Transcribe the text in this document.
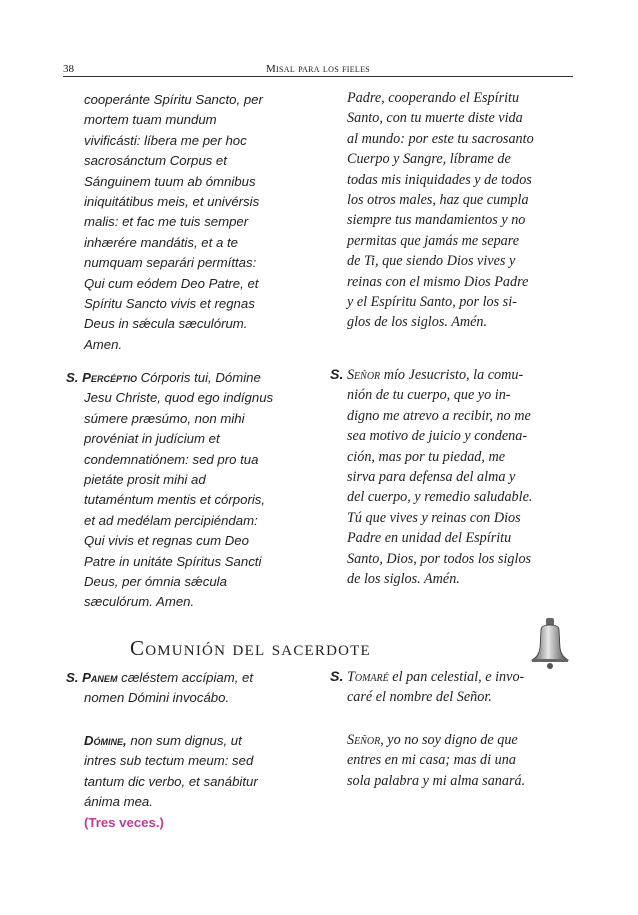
38	Misal para los fieles
cooperánte Spíritu Sancto, per
mortem tuam mundum
vivificásti: líbera me per hoc
sacrosánctum Corpus et
Sánguinem tuum ab ómnibus
iniquitátibus meis, et univérsis
malis: et fac me tuis semper
inhærére mandátis, et a te
numquam separári permíttas:
Qui cum eódem Deo Patre, et
Spíritu Sancto vivis et regnas
Deus in sǽcula sæculórum.
Amen.
Padre, cooperando el Espíritu
Santo, con tu muerte diste vida
al mundo: por este tu sacrosanto
Cuerpo y Sangre, líbrame de
todas mis iniquidades y de todos
los otros males, haz que cumpla
siempre tus mandamientos y no
permitas que jamás me separe
de Ti, que siendo Dios vives y
reinas con el mismo Dios Padre
y el Espíritu Santo, por los si-
glos de los siglos. Amén.
S. Percéptio Córporis tui, Dómine
Jesu Christe, quod ego indígnus
súmere præsúmo, non mihi
provéniat in judícium et
condemnatiónem: sed pro tua
pietáte prosit mihi ad
tutaméntum mentis et córporis,
et ad medélam percipiéndam:
Qui vivis et regnas cum Deo
Patre in unitáte Spíritus Sancti
Deus, per ómnia sǽcula
sæculórum. Amen.
S. Señor mío Jesucristo, la comu-
nión de tu cuerpo, que yo in-
digno me atrevo a recibir, no me
sea motivo de juicio y condena-
ción, mas por tu piedad, me
sirva para defensa del alma y
del cuerpo, y remedio saludable.
Tú que vives y reinas con Dios
Padre en unidad del Espíritu
Santo, Dios, por todos los siglos
de los siglos. Amén.
Comunión del sacerdote
S. Panem cæléstem accípiam, et
nomen Dómini invocábo.
S. Tomaré el pan celestial, e invo-
caré el nombre del Señor.
Dómine, non sum dignus, ut
intres sub tectum meum: sed
tantum dic verbo, et sanábitur
ánima mea.
(Tres veces.)
Señor, yo no soy digno de que
entres en mi casa; mas di una
sola palabra y mi alma sanará.
